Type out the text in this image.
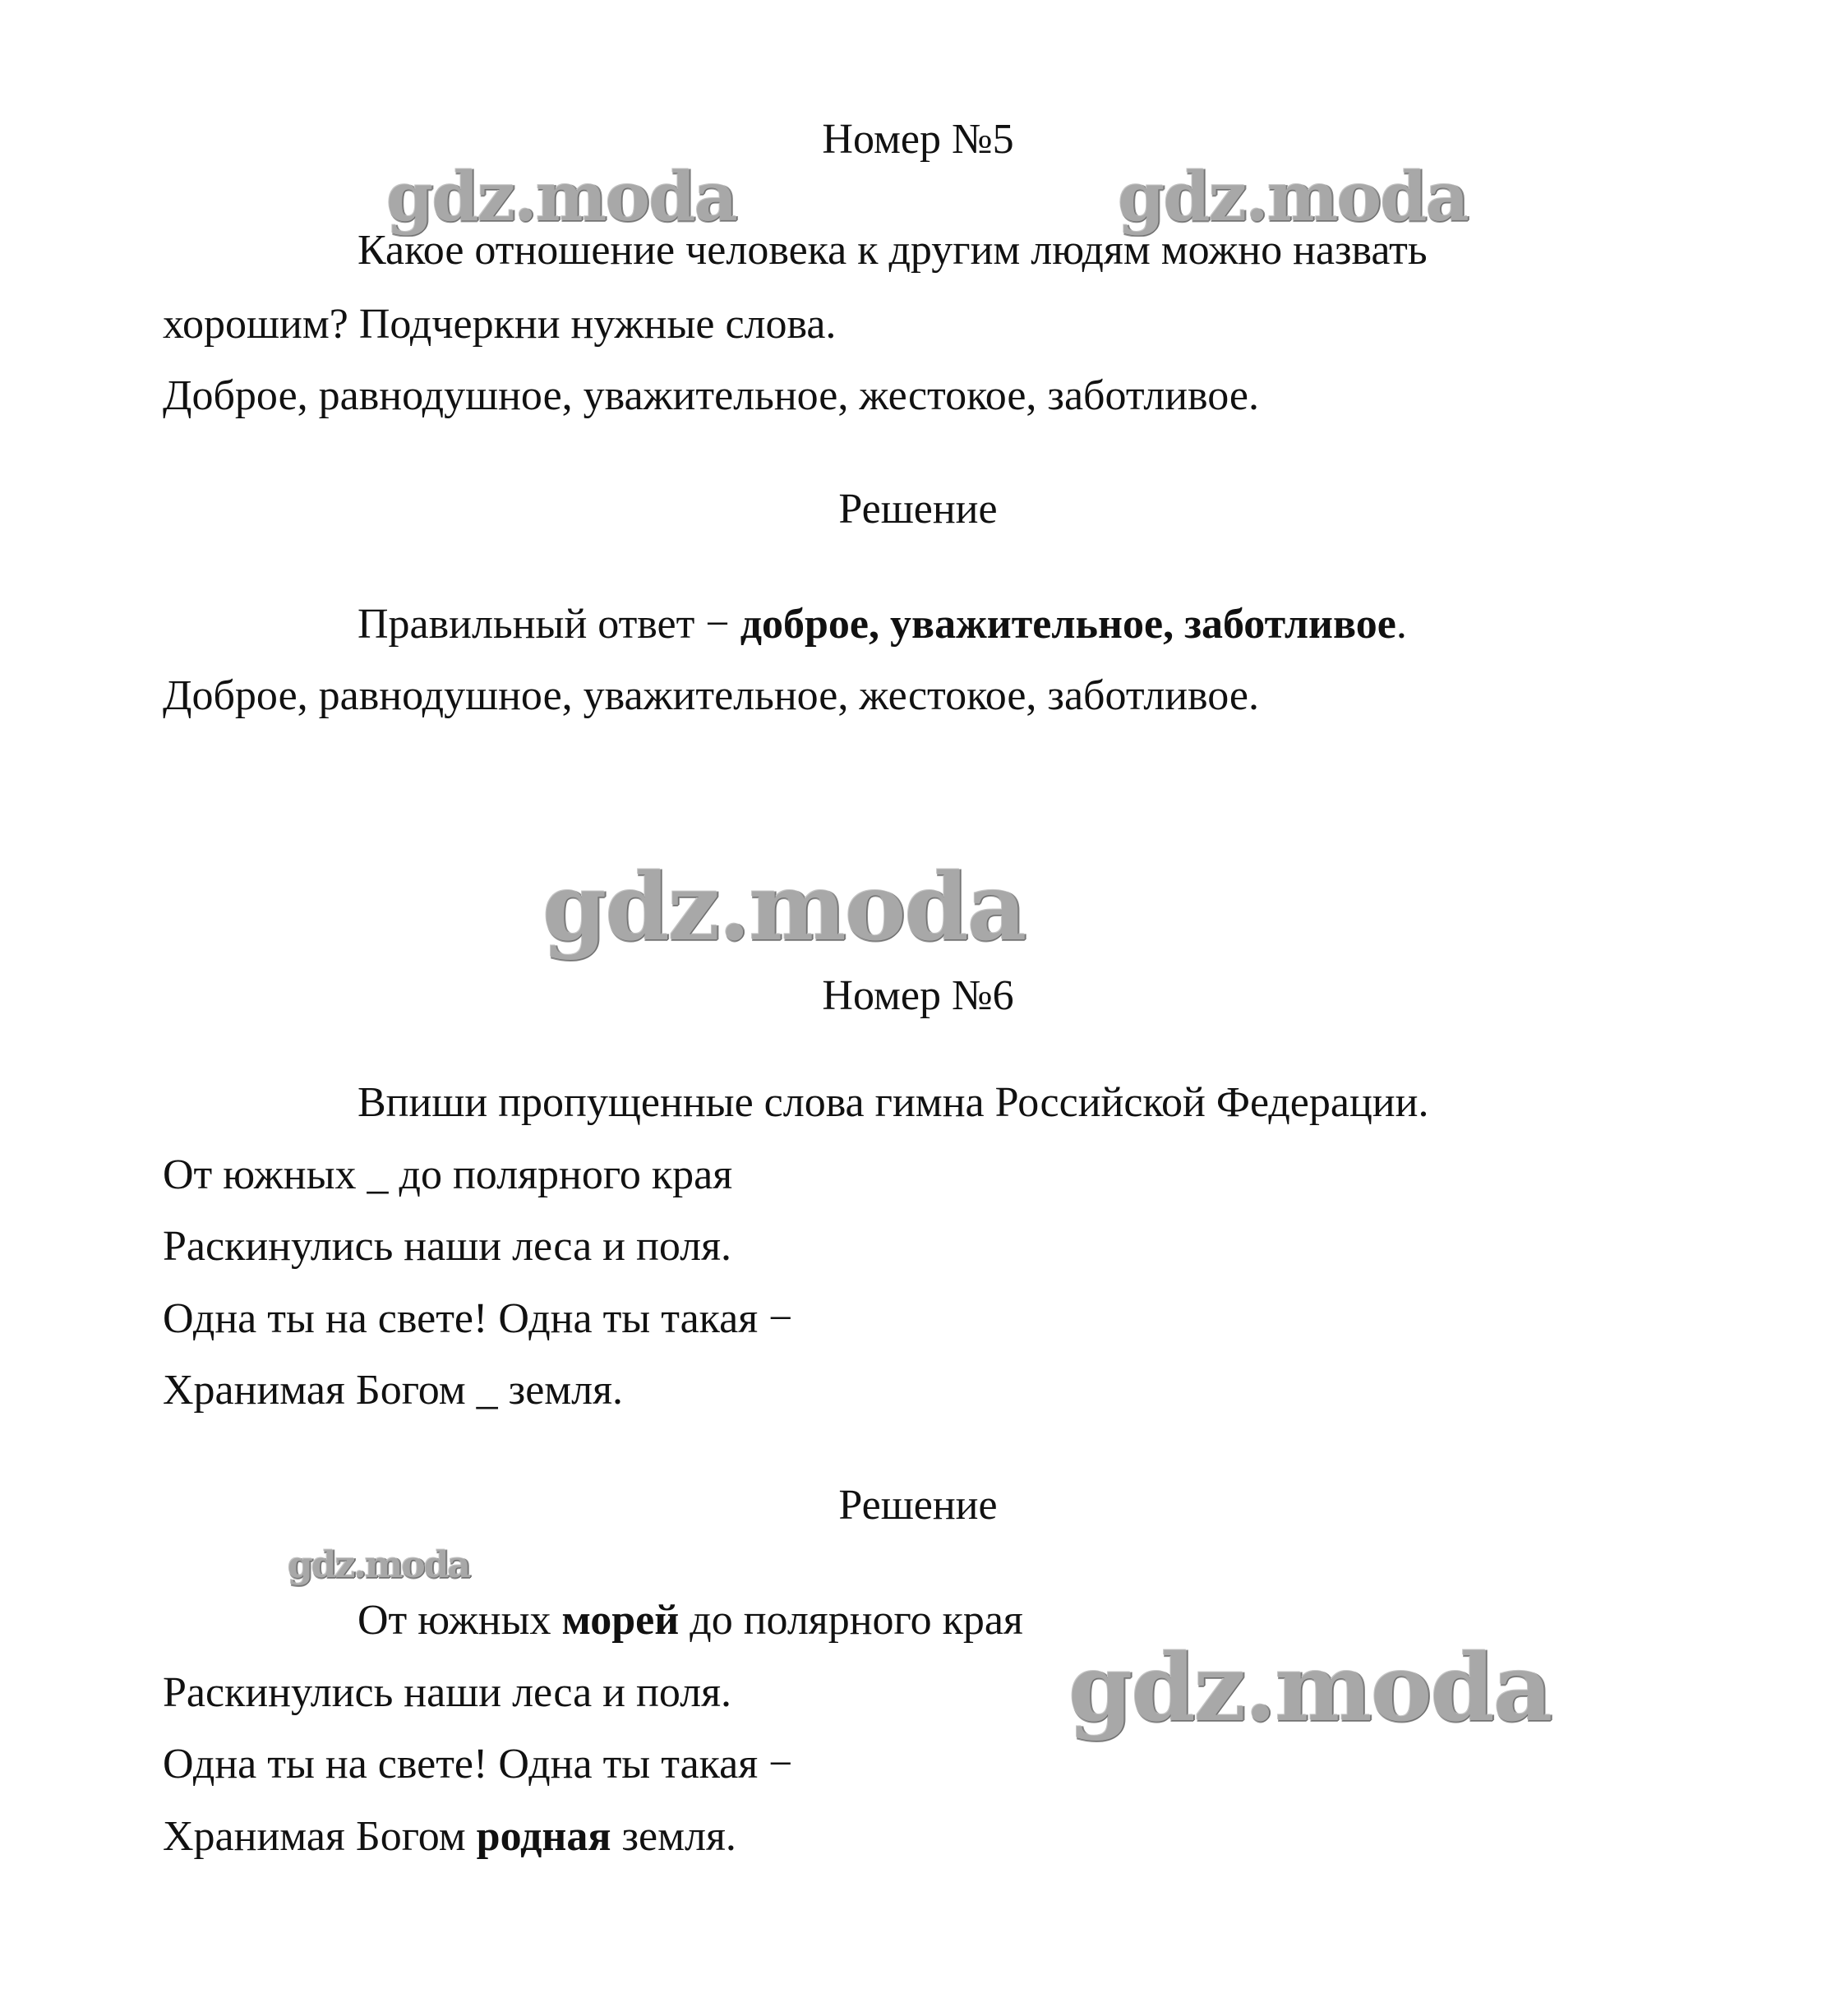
gdz.moda	gdz.moda
gdz.moda
gdz.moda
gdz.moda
Номер №5
Какое отношение человека к другим людям можно назвать
хорошим? Подчеркни нужные слова.
Доброе, равнодушное, уважительное, жестокое, заботливое.
Решение
Правильный ответ − доброе, уважительное, заботливое.
Доброе, равнодушное, уважительное, жестокое, заботливое.
Номер №6
Впиши пропущенные слова гимна Российской Федерации.
От южных _ до полярного края
Раскинулись наши леса и поля.
Одна ты на свете! Одна ты такая −
Хранимая Богом _ земля.
Решение
От южных морей до полярного края
Раскинулись наши леса и поля.
Одна ты на свете! Одна ты такая −
Хранимая Богом родная земля.
